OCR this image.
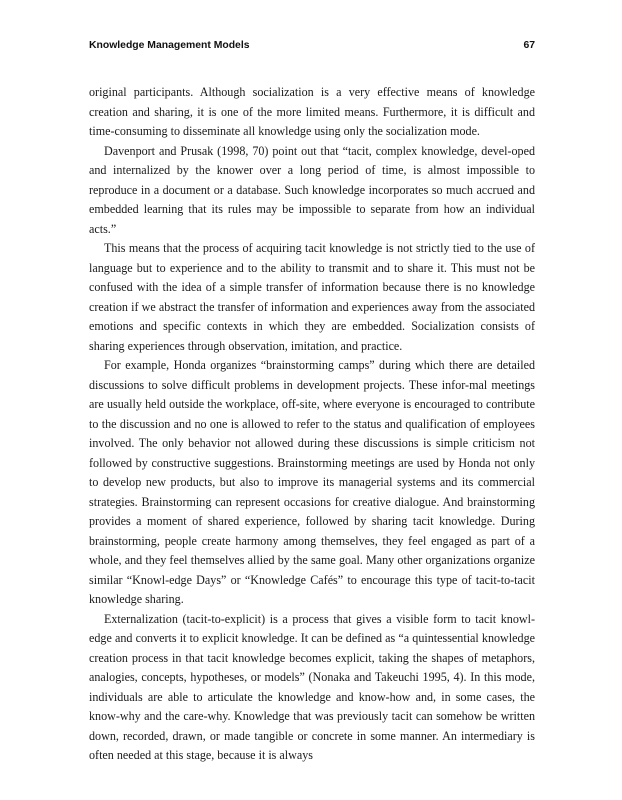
Knowledge Management Models	67

original participants. Although socialization is a very effective means of knowledge creation and sharing, it is one of the more limited means. Furthermore, it is difficult and time-consuming to disseminate all knowledge using only the socialization mode.

Davenport and Prusak (1998, 70) point out that “tacit, complex knowledge, devel-oped and internalized by the knower over a long period of time, is almost impossible to reproduce in a document or a database. Such knowledge incorporates so much accrued and embedded learning that its rules may be impossible to separate from how an individual acts.”

This means that the process of acquiring tacit knowledge is not strictly tied to the use of language but to experience and to the ability to transmit and to share it. This must not be confused with the idea of a simple transfer of information because there is no knowledge creation if we abstract the transfer of information and experiences away from the associated emotions and specific contexts in which they are embedded. Socialization consists of sharing experiences through observation, imitation, and practice.

For example, Honda organizes “brainstorming camps” during which there are detailed discussions to solve difficult problems in development projects. These infor-mal meetings are usually held outside the workplace, off-site, where everyone is encouraged to contribute to the discussion and no one is allowed to refer to the status and qualification of employees involved. The only behavior not allowed during these discussions is simple criticism not followed by constructive suggestions. Brainstorming meetings are used by Honda not only to develop new products, but also to improve its managerial systems and its commercial strategies. Brainstorming can represent occasions for creative dialogue. And brainstorming provides a moment of shared experience, followed by sharing tacit knowledge. During brainstorming, people create harmony among themselves, they feel engaged as part of a whole, and they feel themselves allied by the same goal. Many other organizations organize similar “Knowl-edge Days” or “Knowledge Cafés” to encourage this type of tacit-to-tacit knowledge sharing.

Externalization (tacit-to-explicit) is a process that gives a visible form to tacit knowl-edge and converts it to explicit knowledge. It can be defined as “a quintessential knowledge creation process in that tacit knowledge becomes explicit, taking the shapes of metaphors, analogies, concepts, hypotheses, or models” (Nonaka and Takeuchi 1995, 4). In this mode, individuals are able to articulate the knowledge and know-how and, in some cases, the know-why and the care-why. Knowledge that was previously tacit can somehow be written down, recorded, drawn, or made tangible or concrete in some manner. An intermediary is often needed at this stage, because it is always
